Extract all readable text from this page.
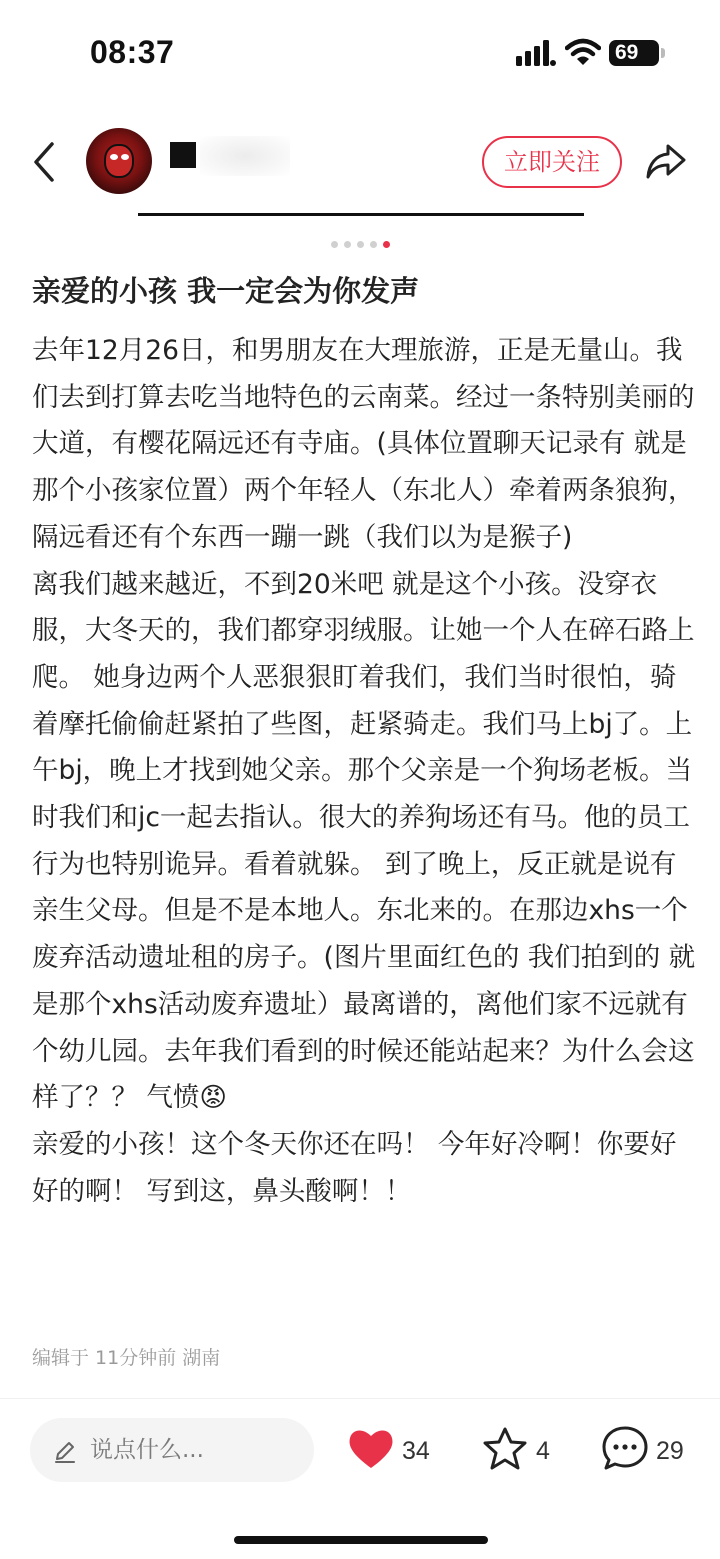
08:37	69
立即关注
亲爱的小孩 我一定会为你发声
去年12月26日，和男朋友在大理旅游，正是无量山。我们去到打算去吃当地特色的云南菜。经过一条特别美丽的大道，有樱花隔远还有寺庙。(具体位置聊天记录有 就是那个小孩家位置）两个年轻人（东北人）牵着两条狼狗，隔远看还有个东西一蹦一跳（我们以为是猴子)
离我们越来越近，不到20米吧 就是这个小孩。没穿衣服，大冬天的，我们都穿羽绒服。让她一个人在碎石路上爬。 她身边两个人恶狠狠盯着我们，我们当时很怕，骑着摩托偷偷赶紧拍了些图，赶紧骑走。我们马上bj了。上午bj，晚上才找到她父亲。那个父亲是一个狗场老板。当时我们和jc一起去指认。很大的养狗场还有马。他的员工行为也特别诡异。看着就躲。 到了晚上，反正就是说有亲生父母。但是不是本地人。东北来的。在那边xhs一个废弃活动遗址租的房子。(图片里面红色的 我们拍到的 就是那个xhs活动废弃遗址）最离谱的，离他们家不远就有个幼儿园。去年我们看到的时候还能站起来？为什么会这样了？？ 气愤😡
亲爱的小孩！这个冬天你还在吗！ 今年好冷啊！你要好好的啊！ 写到这，鼻头酸啊！！
编辑于 11分钟前 湖南
说点什么...	34	4	29
